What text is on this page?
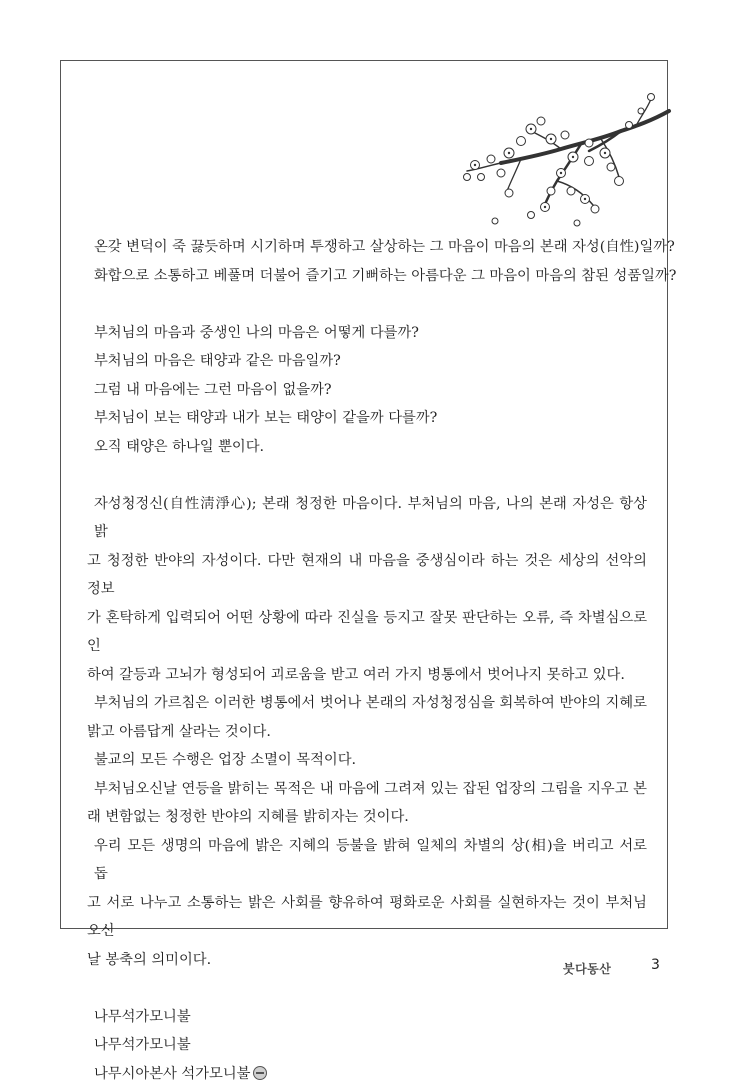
온갖 변덕이 죽 끓듯하며 시기하며 투쟁하고 살상하는 그 마음이 마음의 본래 자성(自性)일까?
화합으로 소통하고 베풀며 더불어 즐기고 기뻐하는 아름다운 그 마음이 마음의 참된 성품일까?
부처님의 마음과 중생인 나의 마음은 어떻게 다를까?
부처님의 마음은 태양과 같은 마음일까?
그럼 내 마음에는 그런 마음이 없을까?
부처님이 보는 태양과 내가 보는 태양이 같을까 다를까?
오직 태양은 하나일 뿐이다.
자성청정신(自性淸淨心); 본래 청정한 마음이다. 부처님의 마음, 나의 본래 자성은 항상 밝
고 청정한 반야의 자성이다. 다만 현재의 내 마음을 중생심이라 하는 것은 세상의 선악의 정보
가 혼탁하게 입력되어 어떤 상황에 따라 진실을 등지고 잘못 판단하는 오류, 즉 차별심으로 인
하여 갈등과 고뇌가 형성되어 괴로움을 받고 여러 가지 병통에서 벗어나지 못하고 있다.
부처님의 가르침은 이러한 병통에서 벗어나 본래의 자성청정심을 회복하여 반야의 지혜로
밝고 아름답게 살라는 것이다.
불교의 모든 수행은 업장 소멸이 목적이다.
부처님오신날 연등을 밝히는 목적은 내 마음에 그려져 있는 잡된 업장의 그림을 지우고 본
래 변함없는 청정한 반야의 지혜를 밝히자는 것이다.
우리 모든 생명의 마음에 밝은 지혜의 등불을 밝혀 일체의 차별의 상(相)을 버리고 서로 돕
고 서로 나누고 소통하는 밝은 사회를 향유하여 평화로운 사회를 실현하자는 것이 부처님오신
날 봉축의 의미이다.
나무석가모니불
나무석가모니불
나무시아본사 석가모니불
붓다동산	3
